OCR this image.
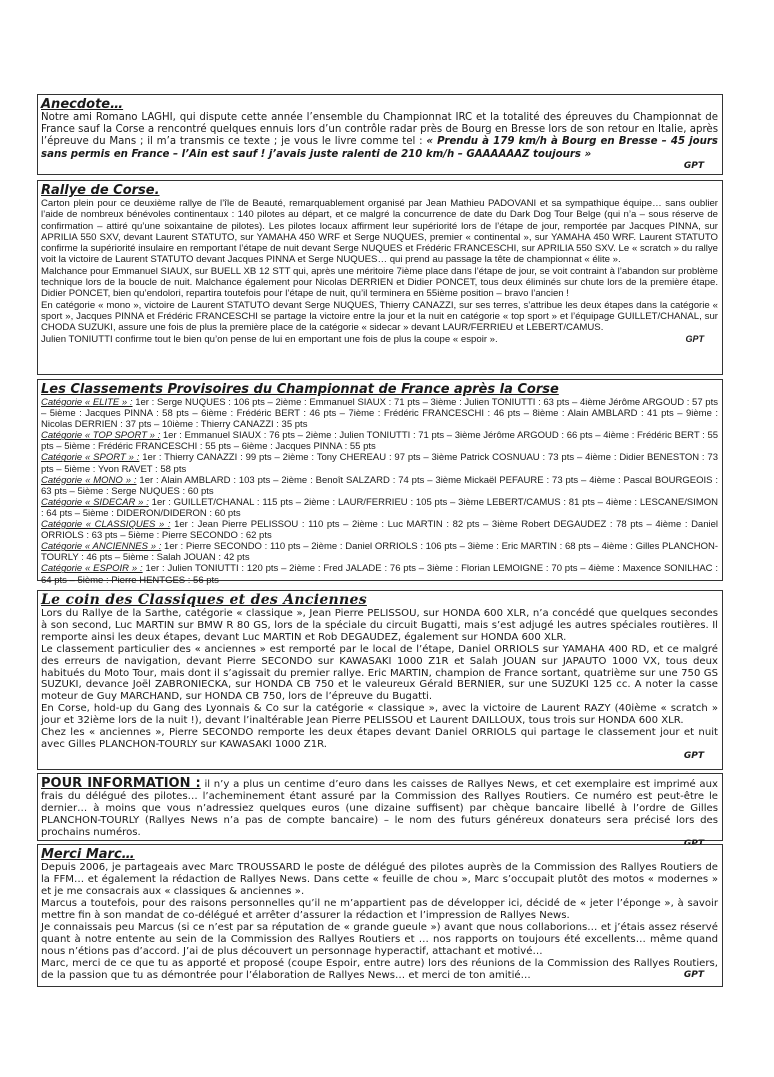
Anecdote…

Notre ami Romano LAGHI, qui dispute cette année l’ensemble du Championnat IRC et la totalité des épreuves du Championnat de France sauf la Corse a rencontré quelques ennuis lors d’un contrôle radar près de Bourg en Bresse lors de son retour en Italie, après l’épreuve du Mans ; il m’a transmis ce texte ; je vous le livre comme tel : « Prendu à 179 km/h à Bourg en Bresse – 45 jours sans permis en France – l’Ain est sauf ! j’avais juste ralenti de 210 km/h – GAAAAAAZ toujours »

GPT
Rallye de Corse.

Carton plein pour ce deuxième rallye de l’île de Beauté, remarquablement organisé par Jean Mathieu PADOVANI et sa sympathique équipe… sans oublier l’aide de nombreux bénévoles continentaux : 140 pilotes au départ, et ce malgré la concurrence de date du Dark Dog Tour Belge (qui n’a – sous réserve de confirmation – attiré qu’une soixantaine de pilotes). Les pilotes locaux affirment leur supériorité lors de l’étape de jour, remportée par Jacques PINNA, sur APRILIA 550 SXV, devant Laurent STATUTO, sur YAMAHA 450 WRF et Serge NUQUES, premier « continental », sur YAMAHA 450 WRF. Laurent STATUTO confirme la supériorité insulaire en remportant l’étape de nuit devant Serge NUQUES et Frédéric FRANCESCHI, sur APRILIA 550 SXV. Le « scratch » du rallye voit la victoire de Laurent STATUTO devant Jacques PINNA et Serge NUQUES… qui prend au passage la tête de championnat « élite ».

Malchance pour Emmanuel SIAUX, sur BUELL XB 12 STT qui, après une méritoire 7ième place dans l’étape de jour, se voit contraint à l’abandon sur problème technique lors de la boucle de nuit. Malchance également pour Nicolas DERRIEN et Didier PONCET, tous deux éliminés sur chute lors de la première étape. Didier PONCET, bien qu’endolori, repartira toutefois pour l’étape de nuit, qu’il terminera en 55ième position – bravo l’ancien !

En catégorie « mono », victoire de Laurent STATUTO devant Serge NUQUES, Thierry CANAZZI, sur ses terres, s’attribue les deux étapes dans la catégorie « sport », Jacques PINNA et Frédéric FRANCESCHI se partage la victoire entre la jour et la nuit en catégorie « top sport » et l’équipage GUILLET/CHANAL, sur CHODA SUZUKI, assure une fois de plus la première place de la catégorie « sidecar » devant LAUR/FERRIEU et LEBERT/CAMUS.

Julien TONIUTTI confirme tout le bien qu’on pense de lui en emportant une fois de plus la coupe « espoir ».	GPT

Les Classements Provisoires du Championnat de France après la Corse

Catégorie « ELITE » : 1er : Serge NUQUES : 106 pts – 2ième : Emmanuel SIAUX : 71 pts – 3ième : Julien TONIUTTI : 63 pts – 4ième Jérôme ARGOUD : 57 pts – 5ième : Jacques PINNA : 58 pts – 6ième : Frédéric BERT : 46 pts – 7ième : Frédéric FRANCESCHI : 46 pts – 8ième : Alain AMBLARD : 41 pts – 9ième : Nicolas DERRIEN : 37 pts – 10ième : Thierry CANAZZI : 35 pts

Catégorie « TOP SPORT » : 1er : Emmanuel SIAUX : 76 pts – 2ième : Julien TONIUTTI : 71 pts – 3ième Jérôme ARGOUD : 66 pts – 4ième : Frédéric BERT : 55 pts – 5ième : Frédéric FRANCESCHI : 55 pts – 6ième : Jacques PINNA : 55 pts

Catégorie « SPORT » : 1er : Thierry CANAZZI : 99 pts – 2ième : Tony CHEREAU : 97 pts – 3ième Patrick COSNUAU : 73 pts – 4ième : Didier BENESTON : 73 pts – 5ième : Yvon RAVET : 58 pts

Catégorie « MONO » : 1er : Alain AMBLARD : 103 pts – 2ième : Benoît SALZARD : 74 pts – 3ième Mickaël PEFAURE : 73 pts – 4ième : Pascal BOURGEOIS : 63 pts – 5ième : Serge NUQUES : 60 pts

Catégorie « SIDECAR » : 1er : GUILLET/CHANAL : 115 pts – 2ième : LAUR/FERRIEU : 105 pts – 3ième LEBERT/CAMUS : 81 pts – 4ième : LESCANE/SIMON : 64 pts – 5ième : DIDERON/DIDERON : 60 pts

Catégorie « CLASSIQUES » : 1er : Jean Pierre PELISSOU : 110 pts – 2ième : Luc MARTIN : 82 pts – 3ième Robert DEGAUDEZ : 78 pts – 4ième : Daniel ORRIOLS : 63 pts – 5ième : Pierre SECONDO : 62 pts

Catégorie « ANCIENNES » : 1er : Pierre SECONDO : 110 pts – 2ième : Daniel ORRIOLS : 106 pts – 3ième : Eric MARTIN : 68 pts – 4ième : Gilles PLANCHON-TOURLY : 46 pts – 5ième : Salah JOUAN : 42 pts

Catégorie « ESPOIR » : 1er : Julien TONIUTTI : 120 pts – 2ième : Fred JALADE : 76 pts – 3ième : Florian LEMOIGNE : 70 pts – 4ième : Maxence SONILHAC : 64 pts – 5ième : Pierre HENTGES : 56 pts

Le coin des Classiques et des Anciennes

Lors du Rallye de la Sarthe, catégorie « classique », Jean Pierre PELISSOU, sur HONDA 600 XLR, n’a concédé que quelques secondes à son second, Luc MARTIN sur BMW R 80 GS, lors de la spéciale du circuit Bugatti, mais s’est adjugé les autres spéciales routières. Il remporte ainsi les deux étapes, devant Luc MARTIN et Rob DEGAUDEZ, également sur HONDA 600 XLR.

Le classement particulier des « anciennes » est remporté par le local de l’étape, Daniel ORRIOLS sur YAMAHA 400 RD, et ce malgré des erreurs de navigation, devant Pierre SECONDO sur KAWASAKI 1000 Z1R et Salah JOUAN sur JAPAUTO 1000 VX, tous deux habitués du Moto Tour, mais dont il s’agissait du premier rallye. Eric MARTIN, champion de France sortant, quatrième sur une 750 GS SUZUKI, devance Joël ZABRONIECKA, sur HONDA CB 750 et le valeureux Gérald BERNIER, sur une SUZUKI 125 cc. A noter la casse moteur de Guy MARCHAND, sur HONDA CB 750, lors de l’épreuve du Bugatti.

En Corse, hold-up du Gang des Lyonnais & Co sur la catégorie « classique », avec la victoire de Laurent RAZY (40ième « scratch » jour et 32ième lors de la nuit !), devant l’inaltérable Jean Pierre PELISSOU et Laurent DAILLOUX, tous trois sur HONDA 600 XLR.

Chez les « anciennes », Pierre SECONDO remporte les deux étapes devant Daniel ORRIOLS qui partage le classement jour et nuit avec Gilles PLANCHON-TOURLY sur KAWASAKI 1000 Z1R.

GPT

POUR INFORMATION : il n’y a plus un centime d’euro dans les caisses de Rallyes News, et cet exemplaire est imprimé aux frais du délégué des pilotes… l’acheminement étant assuré par la Commission des Rallyes Routiers. Ce numéro est peut-être le dernier… à moins que vous n’adressiez quelques euros (une dizaine suffisent) par chèque bancaire libellé à l’ordre de Gilles PLANCHON-TOURLY (Rallyes News n’a pas de compte bancaire) – le nom des futurs généreux donateurs sera précisé lors des prochains numéros.

Merci Marc…

Depuis 2006, je partageais avec Marc TROUSSARD le poste de délégué des pilotes auprès de la Commission des Rallyes Routiers de la FFM… et également la rédaction de Rallyes News. Dans cette « feuille de chou », Marc s’occupait plutôt des motos « modernes » et je me consacrais aux « classiques & anciennes ».

Marcus a toutefois, pour des raisons personnelles qu’il ne m’appartient pas de développer ici, décidé de « jeter l’éponge », à savoir mettre fin à son mandat de co-délégué et arrêter d’assurer la rédaction et l’impression de Rallyes News.

Je connaissais peu Marcus (si ce n’est par sa réputation de « grande gueule ») avant que nous collaborions… et j’étais assez réservé quant à notre entente au sein de la Commission des Rallyes Routiers et … nos rapports on toujours été excellents… même quand nous n’étions pas d’accord. J’ai de plus découvert un personnage hyperactif, attachant et motivé…

Marc, merci de ce que tu as apporté et proposé (coupe Espoir, entre autre) lors des réunions de la Commission des Rallyes Routiers, de la passion que tu as démontrée pour l’élaboration de Rallyes News… et merci de ton amitié…	GPT
